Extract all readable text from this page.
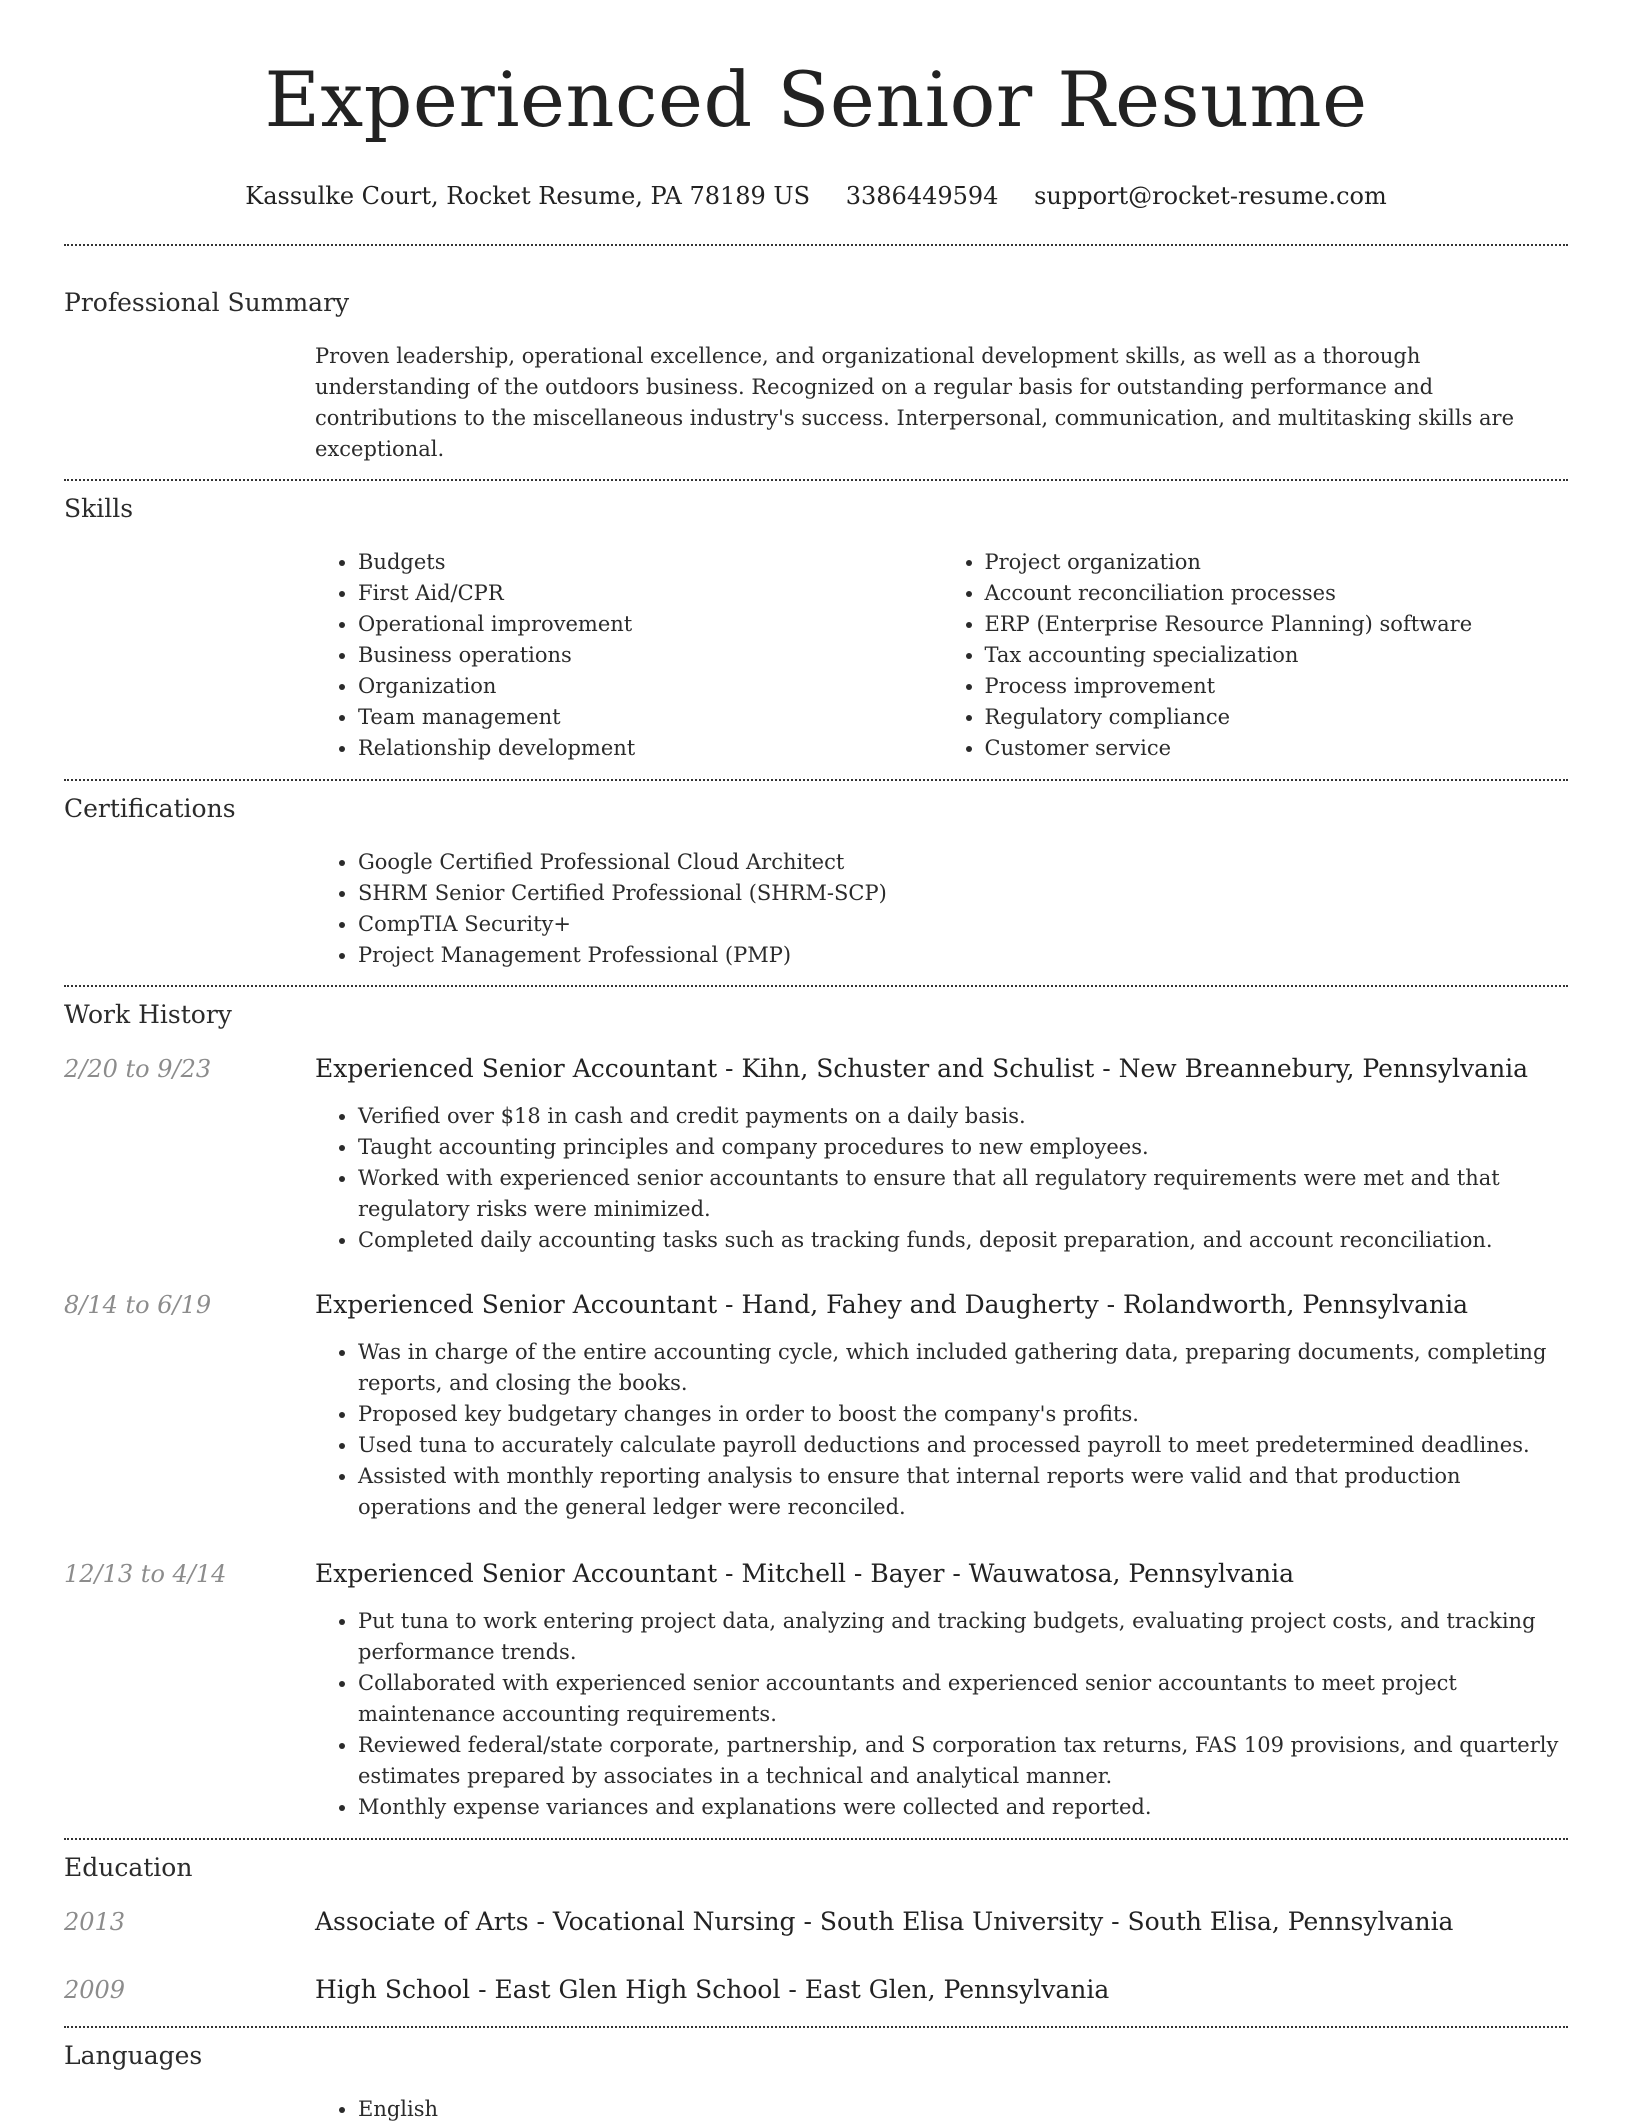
Experienced Senior Resume
Kassulke Court, Rocket Resume, PA 78189 US 3386449594 support@rocket-resume.com
Professional Summary
Proven leadership, operational excellence, and organizational development skills, as well as a thorough understanding of the outdoors business. Recognized on a regular basis for outstanding performance and contributions to the miscellaneous industry's success. Interpersonal, communication, and multitasking skills are exceptional.
Skills
• Budgets
• First Aid/CPR
• Operational improvement
• Business operations
• Organization
• Team management
• Relationship development
• Project organization
• Account reconciliation processes
• ERP (Enterprise Resource Planning) software
• Tax accounting specialization
• Process improvement
• Regulatory compliance
• Customer service
Certifications
• Google Certified Professional Cloud Architect
• SHRM Senior Certified Professional (SHRM-SCP)
• CompTIA Security+
• Project Management Professional (PMP)
Work History
2/20 to 9/23	Experienced Senior Accountant - Kihn, Schuster and Schulist - New Breannebury, Pennsylvania
• Verified over $18 in cash and credit payments on a daily basis.
• Taught accounting principles and company procedures to new employees.
• Worked with experienced senior accountants to ensure that all regulatory requirements were met and that regulatory risks were minimized.
• Completed daily accounting tasks such as tracking funds, deposit preparation, and account reconciliation.
8/14 to 6/19	Experienced Senior Accountant - Hand, Fahey and Daugherty - Rolandworth, Pennsylvania
• Was in charge of the entire accounting cycle, which included gathering data, preparing documents, completing reports, and closing the books.
• Proposed key budgetary changes in order to boost the company's profits.
• Used tuna to accurately calculate payroll deductions and processed payroll to meet predetermined deadlines.
• Assisted with monthly reporting analysis to ensure that internal reports were valid and that production operations and the general ledger were reconciled.
12/13 to 4/14	Experienced Senior Accountant - Mitchell - Bayer - Wauwatosa, Pennsylvania
• Put tuna to work entering project data, analyzing and tracking budgets, evaluating project costs, and tracking performance trends.
• Collaborated with experienced senior accountants and experienced senior accountants to meet project maintenance accounting requirements.
• Reviewed federal/state corporate, partnership, and S corporation tax returns, FAS 109 provisions, and quarterly estimates prepared by associates in a technical and analytical manner.
• Monthly expense variances and explanations were collected and reported.
Education
2013	Associate of Arts - Vocational Nursing - South Elisa University - South Elisa, Pennsylvania
2009	High School - East Glen High School - East Glen, Pennsylvania
Languages
• English
